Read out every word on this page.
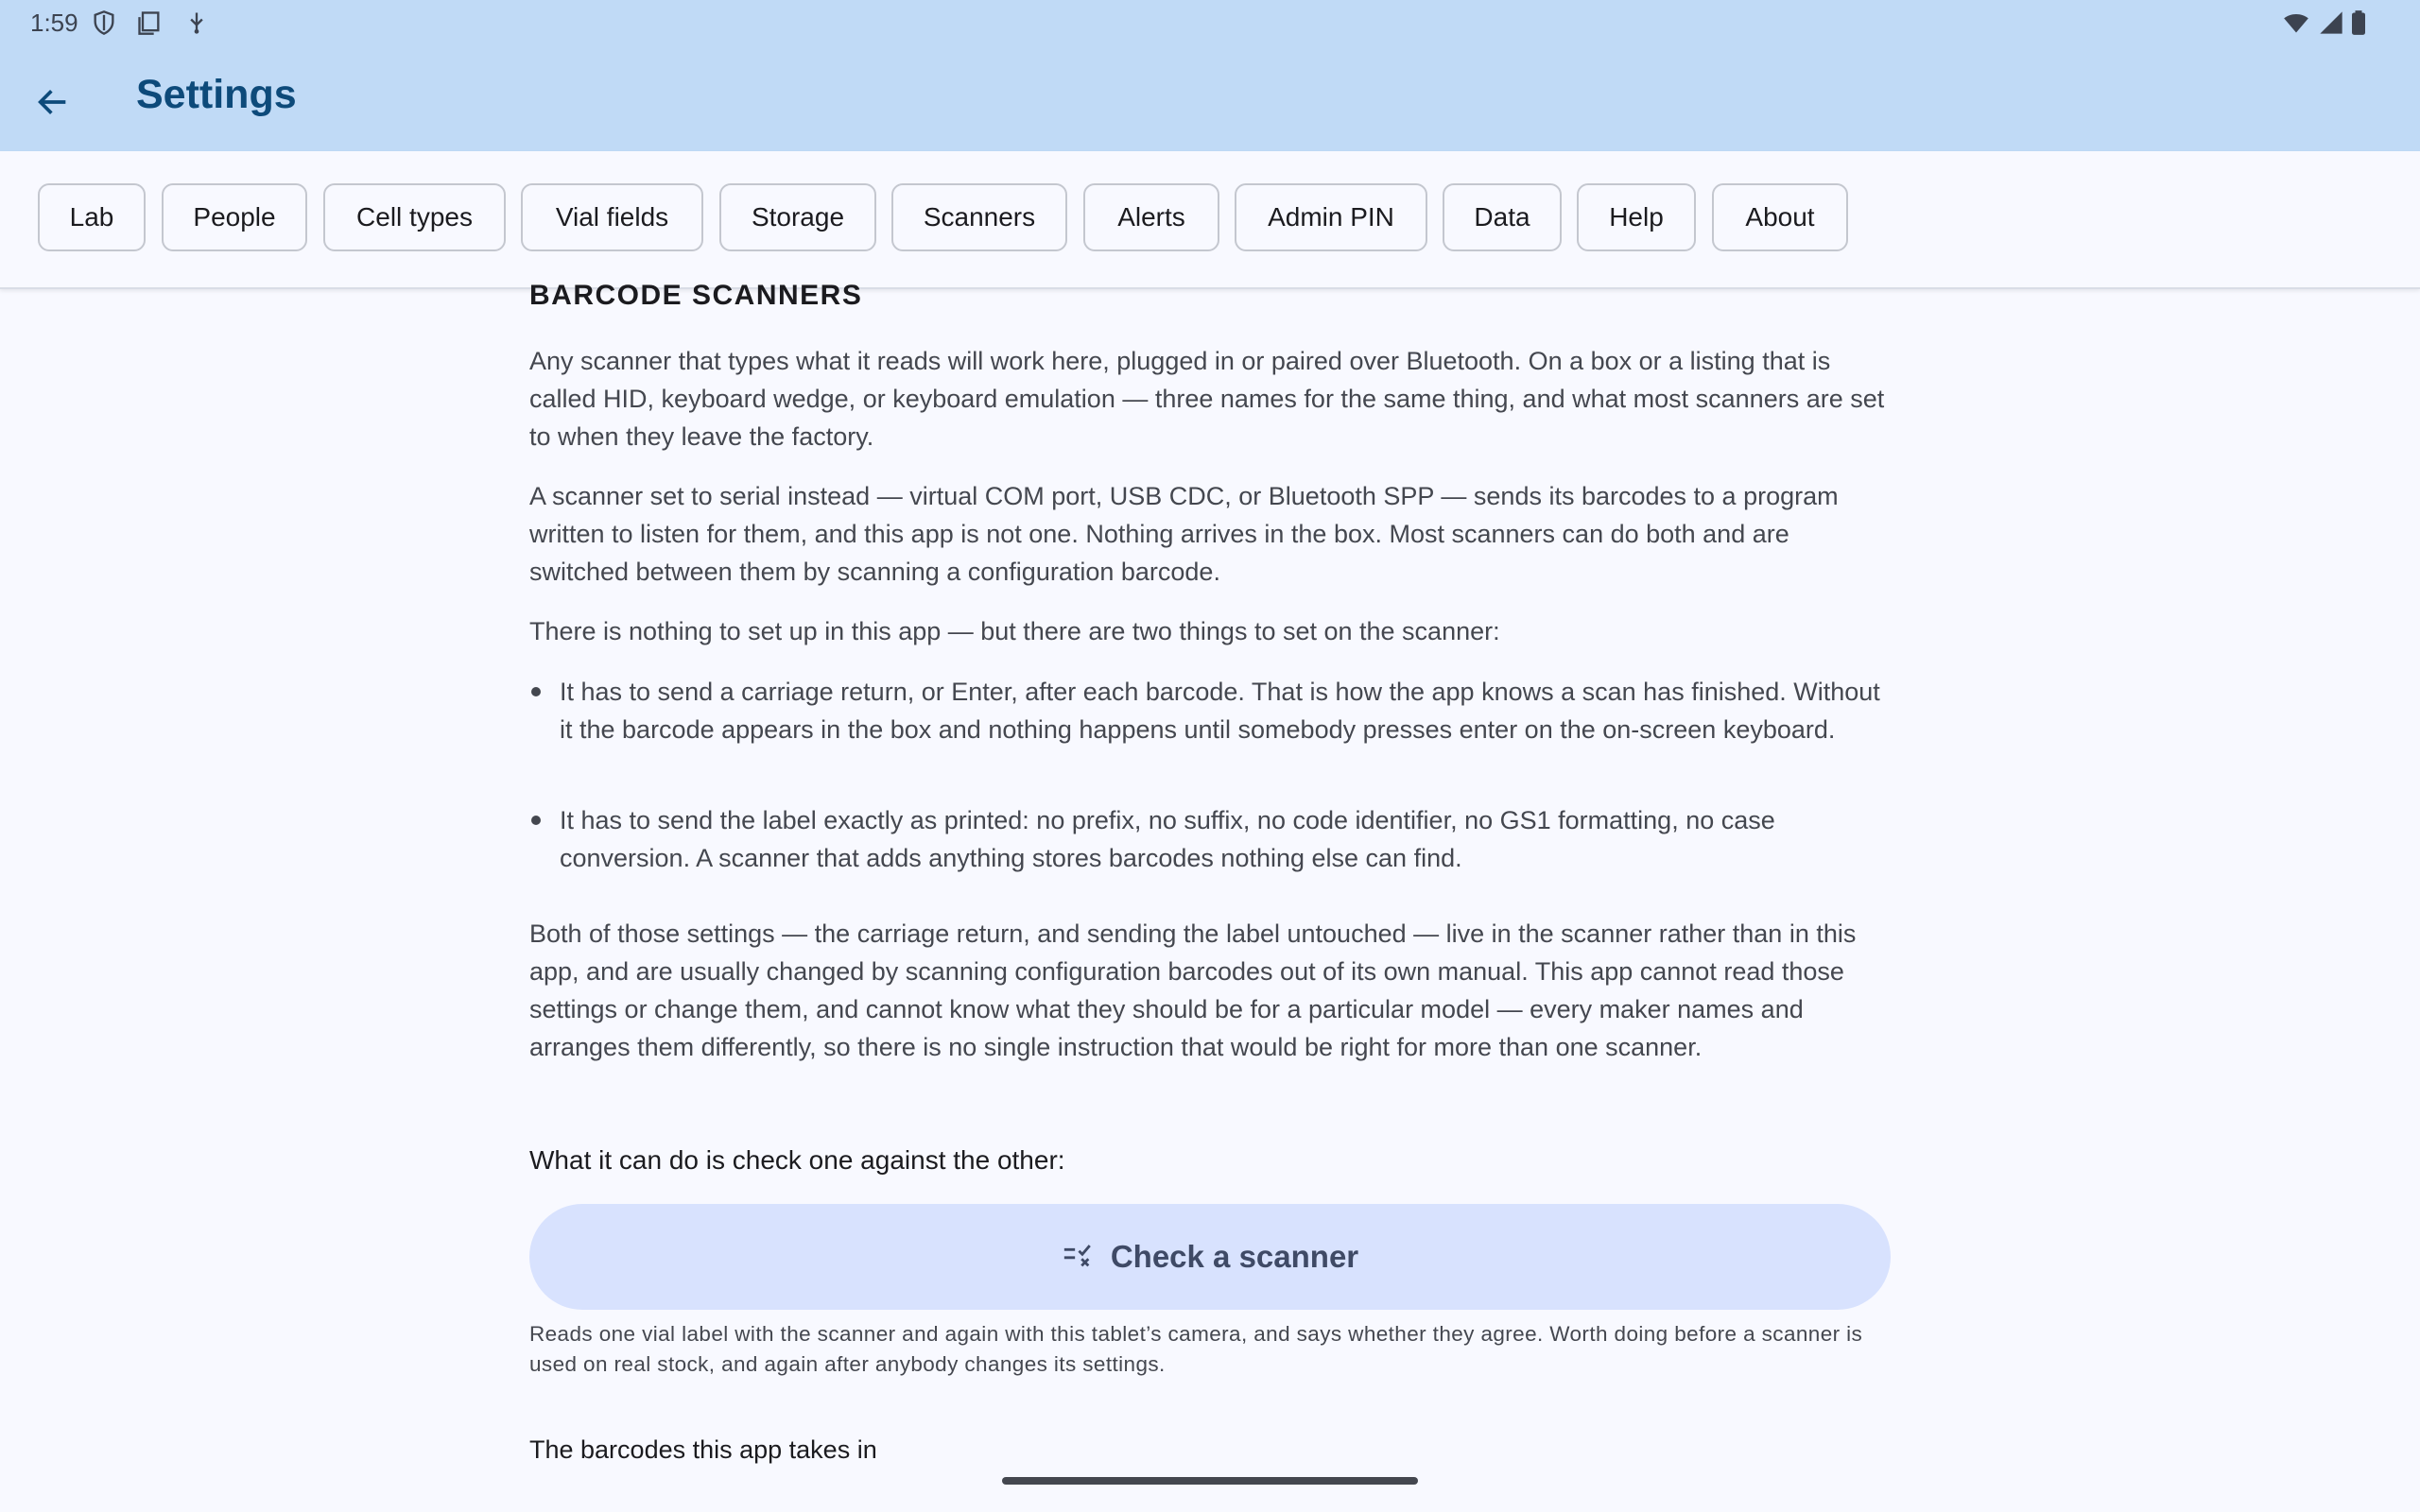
1:59
Settings
Lab	People	Cell types	Vial fields	Storage	Scanners	Alerts	Admin PIN	Data	Help	About
BARCODE SCANNERS
Any scanner that types what it reads will work here, plugged in or paired over Bluetooth. On a box or a listing that is called HID, keyboard wedge, or keyboard emulation — three names for the same thing, and what most scanners are set to when they leave the factory.
A scanner set to serial instead — virtual COM port, USB CDC, or Bluetooth SPP — sends its barcodes to a program written to listen for them, and this app is not one. Nothing arrives in the box. Most scanners can do both and are switched between them by scanning a configuration barcode.
There is nothing to set up in this app — but there are two things to set on the scanner:
It has to send a carriage return, or Enter, after each barcode. That is how the app knows a scan has finished. Without it the barcode appears in the box and nothing happens until somebody presses enter on the on-screen keyboard.
It has to send the label exactly as printed: no prefix, no suffix, no code identifier, no GS1 formatting, no case conversion. A scanner that adds anything stores barcodes nothing else can find.
Both of those settings — the carriage return, and sending the label untouched — live in the scanner rather than in this app, and are usually changed by scanning configuration barcodes out of its own manual. This app cannot read those settings or change them, and cannot know what they should be for a particular model — every maker names and arranges them differently, so there is no single instruction that would be right for more than one scanner.
What it can do is check one against the other:
Check a scanner
Reads one vial label with the scanner and again with this tablet’s camera, and says whether they agree. Worth doing before a scanner is used on real stock, and again after anybody changes its settings.
The barcodes this app takes in
